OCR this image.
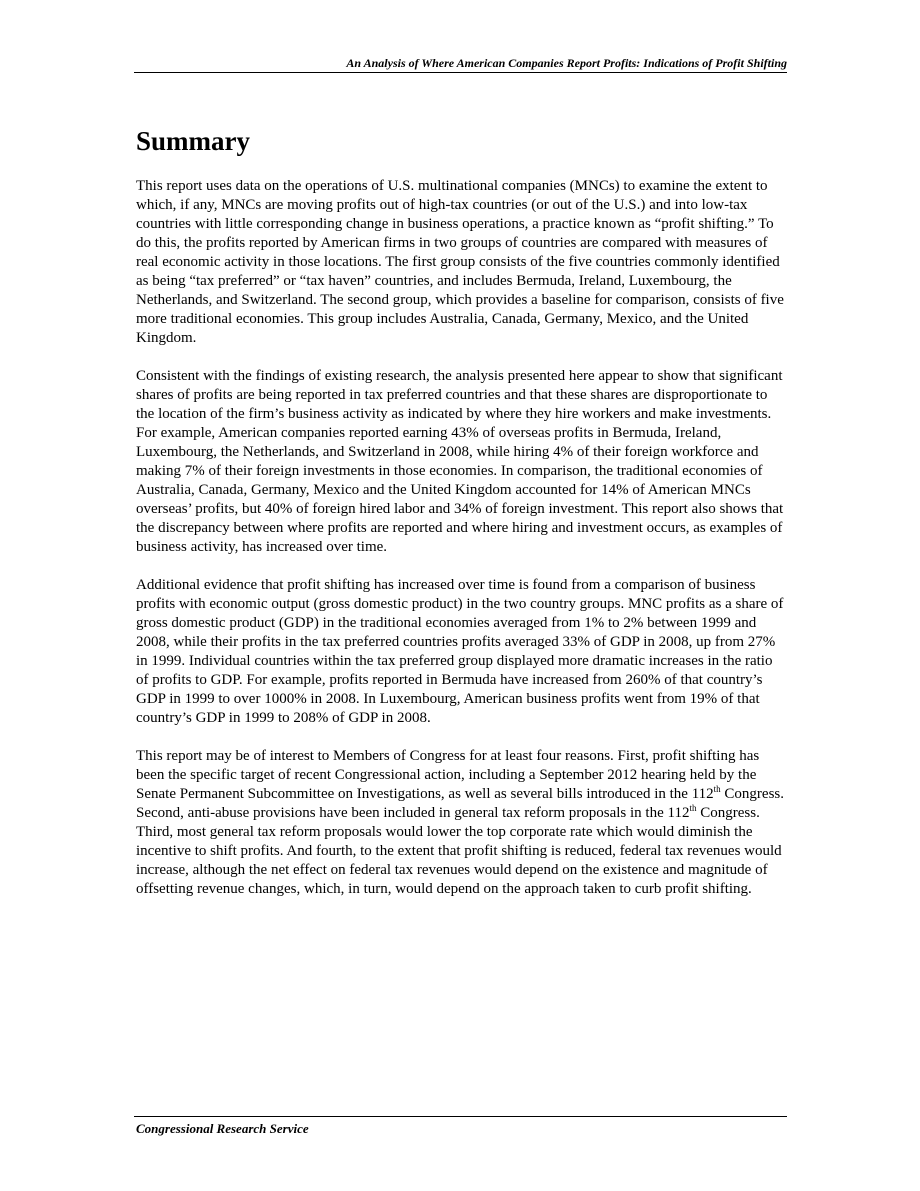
An Analysis of Where American Companies Report Profits: Indications of Profit Shifting
Summary

This report uses data on the operations of U.S. multinational companies (MNCs) to examine the extent to which, if any, MNCs are moving profits out of high-tax countries (or out of the U.S.) and into low-tax countries with little corresponding change in business operations, a practice known as “profit shifting.” To do this, the profits reported by American firms in two groups of countries are compared with measures of real economic activity in those locations. The first group consists of the five countries commonly identified as being “tax preferred” or “tax haven” countries, and includes Bermuda, Ireland, Luxembourg, the Netherlands, and Switzerland. The second group, which provides a baseline for comparison, consists of five more traditional economies. This group includes Australia, Canada, Germany, Mexico, and the United Kingdom.

Consistent with the findings of existing research, the analysis presented here appear to show that significant shares of profits are being reported in tax preferred countries and that these shares are disproportionate to the location of the firm’s business activity as indicated by where they hire workers and make investments. For example, American companies reported earning 43% of overseas profits in Bermuda, Ireland, Luxembourg, the Netherlands, and Switzerland in 2008, while hiring 4% of their foreign workforce and making 7% of their foreign investments in those economies. In comparison, the traditional economies of Australia, Canada, Germany, Mexico and the United Kingdom accounted for 14% of American MNCs overseas’ profits, but 40% of foreign hired labor and 34% of foreign investment. This report also shows that the discrepancy between where profits are reported and where hiring and investment occurs, as examples of business activity, has increased over time.

Additional evidence that profit shifting has increased over time is found from a comparison of business profits with economic output (gross domestic product) in the two country groups. MNC profits as a share of gross domestic product (GDP) in the traditional economies averaged from 1% to 2% between 1999 and 2008, while their profits in the tax preferred countries profits averaged 33% of GDP in 2008, up from 27% in 1999. Individual countries within the tax preferred group displayed more dramatic increases in the ratio of profits to GDP. For example, profits reported in Bermuda have increased from 260% of that country’s GDP in 1999 to over 1000% in 2008. In Luxembourg, American business profits went from 19% of that country’s GDP in 1999 to 208% of GDP in 2008.

This report may be of interest to Members of Congress for at least four reasons. First, profit shifting has been the specific target of recent Congressional action, including a September 2012 hearing held by the Senate Permanent Subcommittee on Investigations, as well as several bills introduced in the 112th Congress. Second, anti-abuse provisions have been included in general tax reform proposals in the 112th Congress. Third, most general tax reform proposals would lower the top corporate rate which would diminish the incentive to shift profits. And fourth, to the extent that profit shifting is reduced, federal tax revenues would increase, although the net effect on federal tax revenues would depend on the existence and magnitude of offsetting revenue changes, which, in turn, would depend on the approach taken to curb profit shifting.

Congressional Research Service
